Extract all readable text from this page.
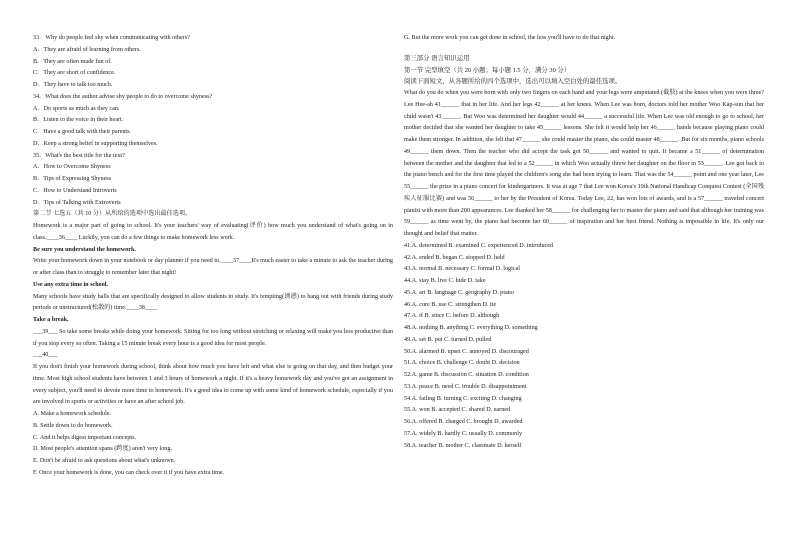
33．Why do people feel shy when communicating with others?
A．They are afraid of learning from others.
B．They are often made fun of.
C．They are short of confidence.
D．They have to talk too much.
34．What does the author advise shy people to do to overcome shyness?
A．Do sports as much as they can.
B．Listen to the voice in their heart.
C．Have a good talk with their parents.
D．Keep a strong belief in supporting themselves.
35．What's the best title for the text?
A．How to Overcome Shyness
B．Tips of Expressing Shyness
C．How to Understand Introverts
D．Tips of Talking with Extroverts
第二节 七选五（共 10 分）从所给的选项中选出最佳选项。
Homework is a major part of going to school. It's your teachers' way of evaluating(评价) how much you understand of what's going on in class.____36____ Luckily, you can do a few things to make homework less work.
Be sure you understand the homework.
Write your homework down in your notebook or day planner if you need to.____37____It's much easier to take a minute to ask the teacher during or after class than to struggle to remember later that night!
Use any extra time in school.
Many schools have study halls that are specifically designed to allow students to study. It's tempting(诱惑) to hang out with friends during study periods or unstructured(松散的) time.____38____
Take a break.
___39___ So take some breaks while doing your homework. Sitting for too long without stretching or relaxing will make you less productive than if you stop every so often. Taking a 15 minute break every hour is a good idea for most people.
___40___
If you don't finish your homework during school, think about how much you have left and what else is going on that day, and then budget your time. Most high school students have between 1 and 3 hours of homework a night. If it's a heavy homework day and you've got an assignment in every subject, you'll need to devote more time to homework. It's a good idea to come up with some kind of homework schedule, especially if you are involved in sports or activities or have an after school job.
A. Make a homework schedule.
B. Settle down to do homework.
C. And it helps digest important concepts.
D. Most people's attention spans (跨度) aren't very long.
E. Don't be afraid to ask questions about what's unknown.
F. Once your homework is done, you can check over it if you have extra time.
G. But the more work you can get done in school, the less you'll have to do that night.
第三部分 语言知识运用
第一节 完型填空（共 20 小题；每小题 1.5 分，满分 30 分）
阅读下面短文，从各题所给的四个选项中，选出可以填入空白处的最佳选项。
What do you do when you were born with only two fingers on each hand and your legs were amputated (截肢) at the knees when you were three? Lee Hee-ah 41______ that in her life. And her legs 42______ at her knees. When Lee was born, doctors told her mother Woo Kap-sun that her child wasn't 43______. But Woo was determined her daughter would 44______ a successful life. When Lee was old enough to go to school, her mother decided that she wanted her daughter to take 45______ lessons. She felt it would help her 46______ hands because playing piano could make them stronger. In addition, she felt that 47______ she could master the piano, she could master 48______. But for six months, piano schools 49______ them down. Then the teacher who did accept the task got 50______ and wanted to quit. It became a 51______ of determination between the mother and the daughter that led to a 52______ in which Woo actually threw her daughter on the floor in 53______. Lee got back to the piano bench and for the first time played the children's song she had been trying to learn. That was the 54______ point and one year later, Lee 55______ the prize in a piano concert for kindergartners. It was at age 7 that Lee won Korea's 19th National Handicap Conquest Contest (全国残疾人征服比赛) and was 56______ to her by the President of Korea. Today Lee, 22, has won lots of awards, and is a 57______ traveled concert pianist with more than 200 appearances. Lee thanked her 58______ for challenging her to master the piano and said that although her training was 59______ as time went by, the piano had become her 60______ of inspiration and her best friend. Nothing is impossible in life. It's only our thought and belief that matter.
41.A. determined B. examined C. experienced D. introduced
42.A. ended B. began C. stopped D. held
43.A. normal B. necessary C. formal D. logical
44.A. stay B. live C. hide D. take
45.A. art B. language C. geography D. piano
46.A. cure B. use C. strengthen D. tie
47.A. if B. since C. before D. although
48.A. nothing B. anything C. everything D. something
49.A. set B. put C. turned D. pulled
50.A. alarmed B. upset C. annoyed D. discouraged
51.A. choice B. challenge C. doubt D. decision
52.A. game B. discussion C. situation D. condition
53.A. peace B. need C. trouble D. disappointment
54.A. failing B. turning C. exciting D. changing
55.A. won B. accepted C. shared D. earned
56.A. offered B. charged C. brought D. awarded
57.A. widely B. hardly C. usually D. commonly
58.A. teacher B. mother C. classmate D. herself
